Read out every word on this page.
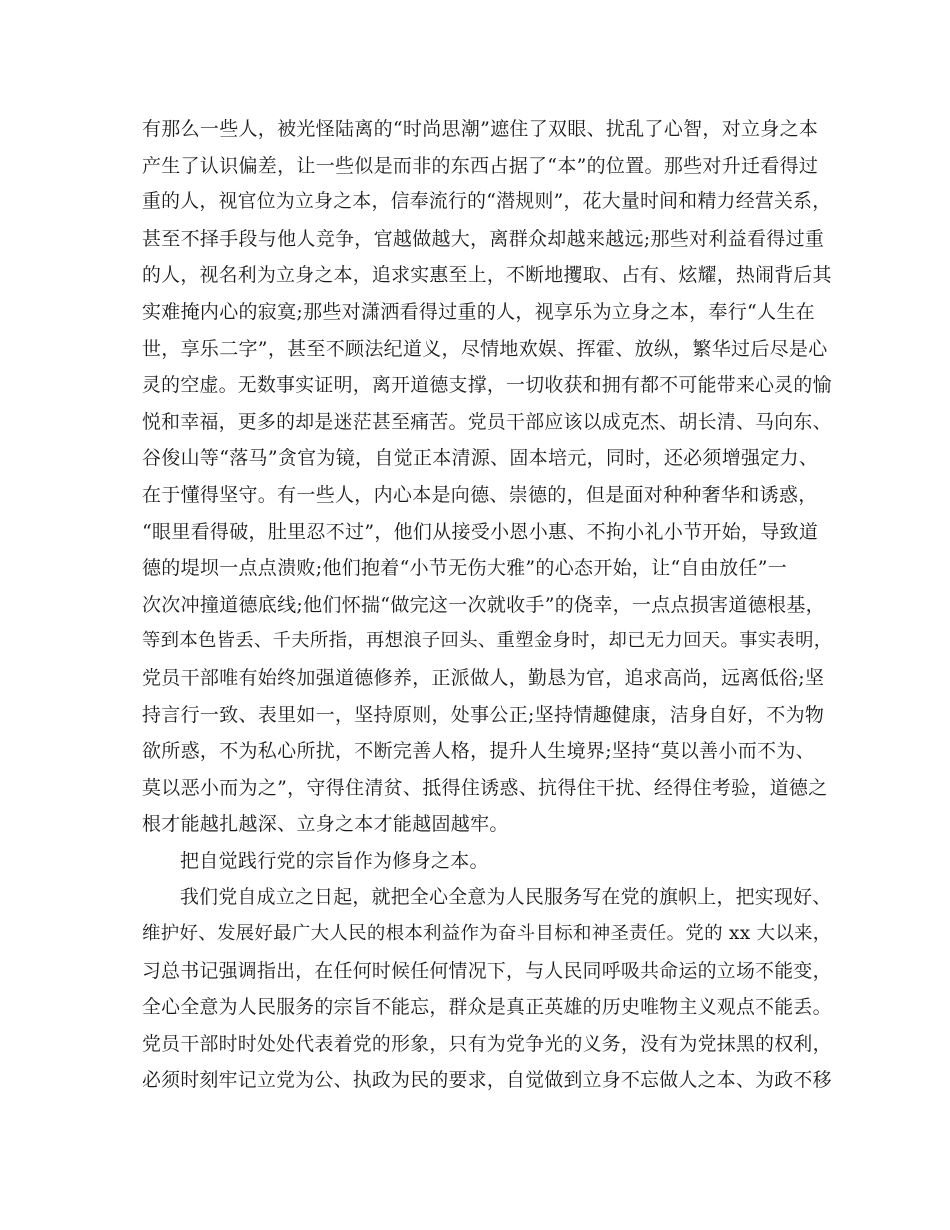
有那么一些人，被光怪陆离的“时尚思潮”遮住了双眼、扰乱了心智，对立身之本
产生了认识偏差，让一些似是而非的东西占据了“本”的位置。那些对升迁看得过
重的人，视官位为立身之本，信奉流行的“潜规则”，花大量时间和精力经营关系，
甚至不择手段与他人竞争，官越做越大，离群众却越来越远;那些对利益看得过重
的人，视名利为立身之本，追求实惠至上，不断地攫取、占有、炫耀，热闹背后其
实难掩内心的寂寞;那些对潇洒看得过重的人，视享乐为立身之本，奉行“人生在
世，享乐二字”，甚至不顾法纪道义，尽情地欢娱、挥霍、放纵，繁华过后尽是心
灵的空虚。无数事实证明，离开道德支撑，一切收获和拥有都不可能带来心灵的愉
悦和幸福，更多的却是迷茫甚至痛苦。党员干部应该以成克杰、胡长清、马向东、
谷俊山等“落马”贪官为镜，自觉正本清源、固本培元，同时，还必须增强定力、
在于懂得坚守。有一些人，内心本是向德、崇德的，但是面对种种奢华和诱惑，
“眼里看得破，肚里忍不过”，他们从接受小恩小惠、不拘小礼小节开始，导致道
德的堤坝一点点溃败;他们抱着“小节无伤大雅”的心态开始，让“自由放任”一
次次冲撞道德底线;他们怀揣“做完这一次就收手”的侥幸，一点点损害道德根基，
等到本色皆丢、千夫所指，再想浪子回头、重塑金身时，却已无力回天。事实表明，
党员干部唯有始终加强道德修养，正派做人，勤恳为官，追求高尚，远离低俗;坚
持言行一致、表里如一，坚持原则，处事公正;坚持情趣健康，洁身自好，不为物
欲所惑，不为私心所扰，不断完善人格，提升人生境界;坚持“莫以善小而不为、
莫以恶小而为之”，守得住清贫、抵得住诱惑、抗得住干扰、经得住考验，道德之
根才能越扎越深、立身之本才能越固越牢。
把自觉践行党的宗旨作为修身之本。
我们党自成立之日起，就把全心全意为人民服务写在党的旗帜上，把实现好、
维护好、发展好最广大人民的根本利益作为奋斗目标和神圣责任。党的 xx 大以来，
习总书记强调指出，在任何时候任何情况下，与人民同呼吸共命运的立场不能变，
全心全意为人民服务的宗旨不能忘，群众是真正英雄的历史唯物主义观点不能丢。
党员干部时时处处代表着党的形象，只有为党争光的义务，没有为党抹黑的权利，
必须时刻牢记立党为公、执政为民的要求，自觉做到立身不忘做人之本、为政不移
